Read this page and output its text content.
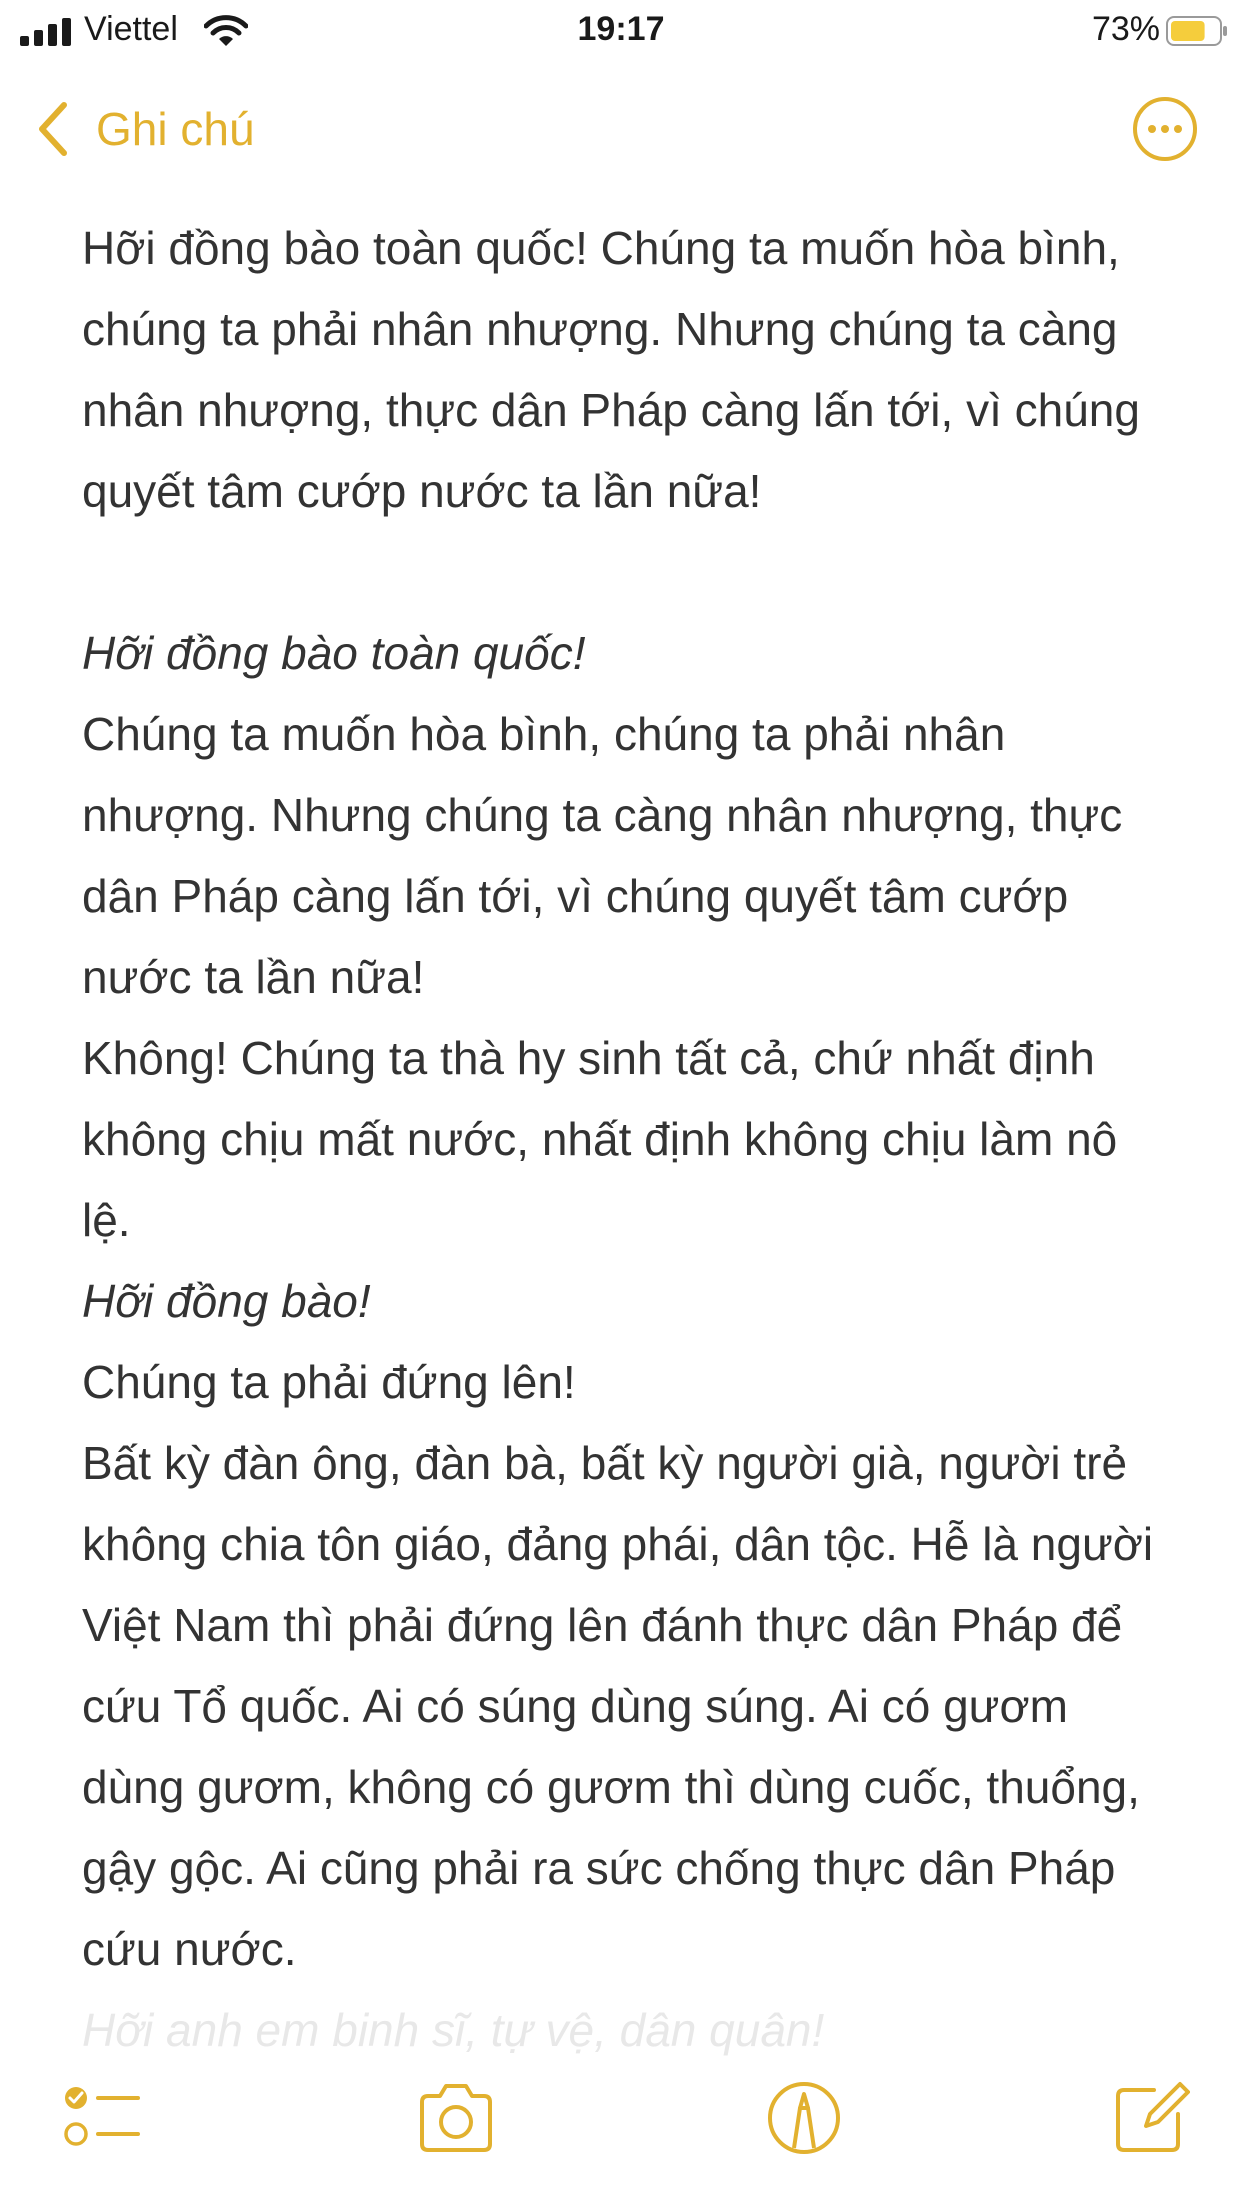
Viettel	19:17	73%
Ghi chú

Hỡi đồng bào toàn quốc! Chúng ta muốn hòa bình, chúng ta phải nhân nhượng. Nhưng chúng ta càng nhân nhượng, thực dân Pháp càng lấn tới, vì chúng quyết tâm cướp nước ta lần nữa!

Hỡi đồng bào toàn quốc!

Chúng ta muốn hòa bình, chúng ta phải nhân nhượng. Nhưng chúng ta càng nhân nhượng, thực dân Pháp càng lấn tới, vì chúng quyết tâm cướp nước ta lần nữa!

Không! Chúng ta thà hy sinh tất cả, chứ nhất định không chịu mất nước, nhất định không chịu làm nô lệ.

Hỡi đồng bào!

Chúng ta phải đứng lên!

Bất kỳ đàn ông, đàn bà, bất kỳ người già, người trẻ không chia tôn giáo, đảng phái, dân tộc. Hễ là người Việt Nam thì phải đứng lên đánh thực dân Pháp để cứu Tổ quốc. Ai có súng dùng súng. Ai có gươm dùng gươm, không có gươm thì dùng cuốc, thuổng, gậy gộc. Ai cũng phải ra sức chống thực dân Pháp cứu nước.

Hỡi anh em binh sĩ, tự vệ, dân quân!
